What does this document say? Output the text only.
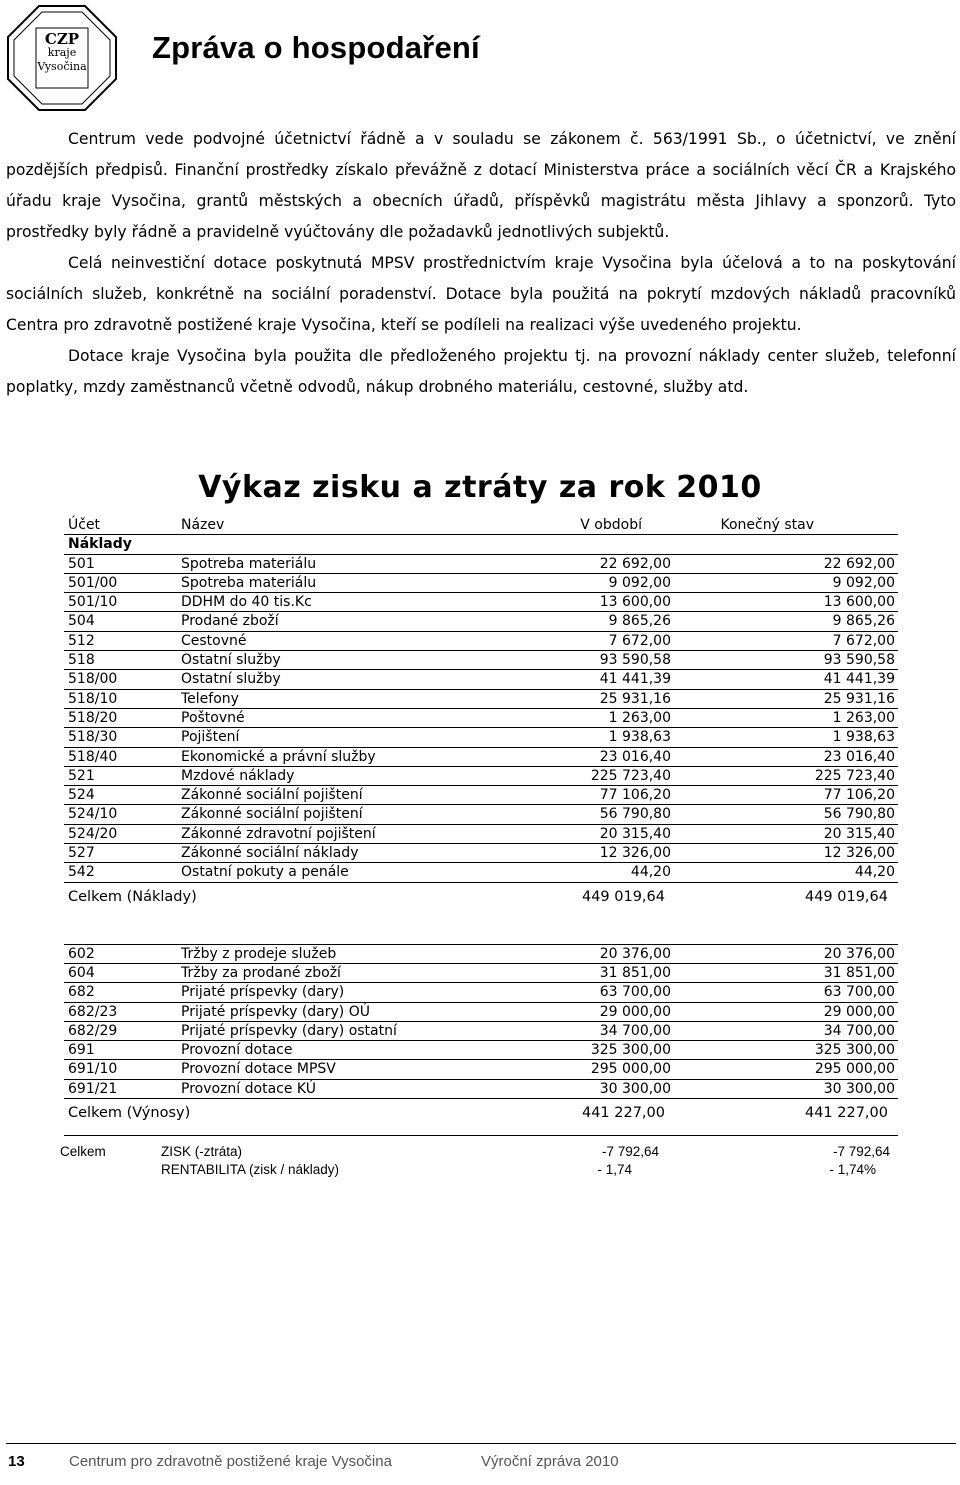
CZP
kraje
Vysočina
Zpráva o hospodaření

Centrum vede podvojné účetnictví řádně a v souladu se zákonem č. 563/1991 Sb., o účetnictví, ve znění pozdějších předpisů. Finanční prostředky získalo převážně z dotací Ministerstva práce a sociálních věcí ČR a Krajského úřadu kraje Vysočina, grantů městských a obecních úřadů, příspěvků magistrátu města Jihlavy a sponzorů. Tyto prostředky byly řádně a pravidelně vyúčtovány dle požadavků jednotlivých subjektů.

Celá neinvestiční dotace poskytnutá MPSV prostřednictvím kraje Vysočina byla účelová a to na poskytování sociálních služeb, konkrétně na sociální poradenství. Dotace byla použitá na pokrytí mzdových nákladů pracovníků Centra pro zdravotně postižené kraje Vysočina, kteří se podíleli na realizaci výše uvedeného projektu.

Dotace kraje Vysočina byla použita dle předloženého projektu tj. na provozní náklady center služeb, telefonní poplatky, mzdy zaměstnanců včetně odvodů, nákup drobného materiálu, cestovné, služby atd.

Výkaz zisku a ztráty za rok 2010
Účet	Název	V období	Konečný stav
Náklady
501	Spotreba materiálu	22 692,00	22 692,00
501/00	Spotreba materiálu	9 092,00	9 092,00
501/10	DDHM do 40 tis.Kc	13 600,00	13 600,00
504	Prodané zboží	9 865,26	9 865,26
512	Cestovné	7 672,00	7 672,00
518	Ostatní služby	93 590,58	93 590,58
518/00	Ostatní služby	41 441,39	41 441,39
518/10	Telefony	25 931,16	25 931,16
518/20	Poštovné	1 263,00	1 263,00
518/30	Pojištení	1 938,63	1 938,63
518/40	Ekonomické a právní služby	23 016,40	23 016,40
521	Mzdové náklady	225 723,40	225 723,40
524	Zákonné sociální pojištení	77 106,20	77 106,20
524/10	Zákonné sociální pojištení	56 790,80	56 790,80
524/20	Zákonné zdravotní pojištení	20 315,40	20 315,40
527	Zákonné sociální náklady	12 326,00	12 326,00
542	Ostatní pokuty a penále	44,20	44,20
Celkem (Náklady)	449 019,64	449 019,64
602	Tržby z prodeje služeb	20 376,00	20 376,00
604	Tržby za prodané zboží	31 851,00	31 851,00
682	Prijaté príspevky (dary)	63 700,00	63 700,00
682/23	Prijaté príspevky (dary) OÚ	29 000,00	29 000,00
682/29	Prijaté príspevky (dary) ostatní	34 700,00	34 700,00
691	Provozní dotace	325 300,00	325 300,00
691/10	Provozní dotace MPSV	295 000,00	295 000,00
691/21	Provozní dotace KÚ	30 300,00	30 300,00
Celkem (Výnosy)	441 227,00	441 227,00
Celkem	ZISK (-ztráta)	-7 792,64	-7 792,64
RENTABILITA (zisk / náklady)	- 1,74	- 1,74%
13	Centrum pro zdravotně postižené kraje Vysočina	Výroční zpráva 2010
